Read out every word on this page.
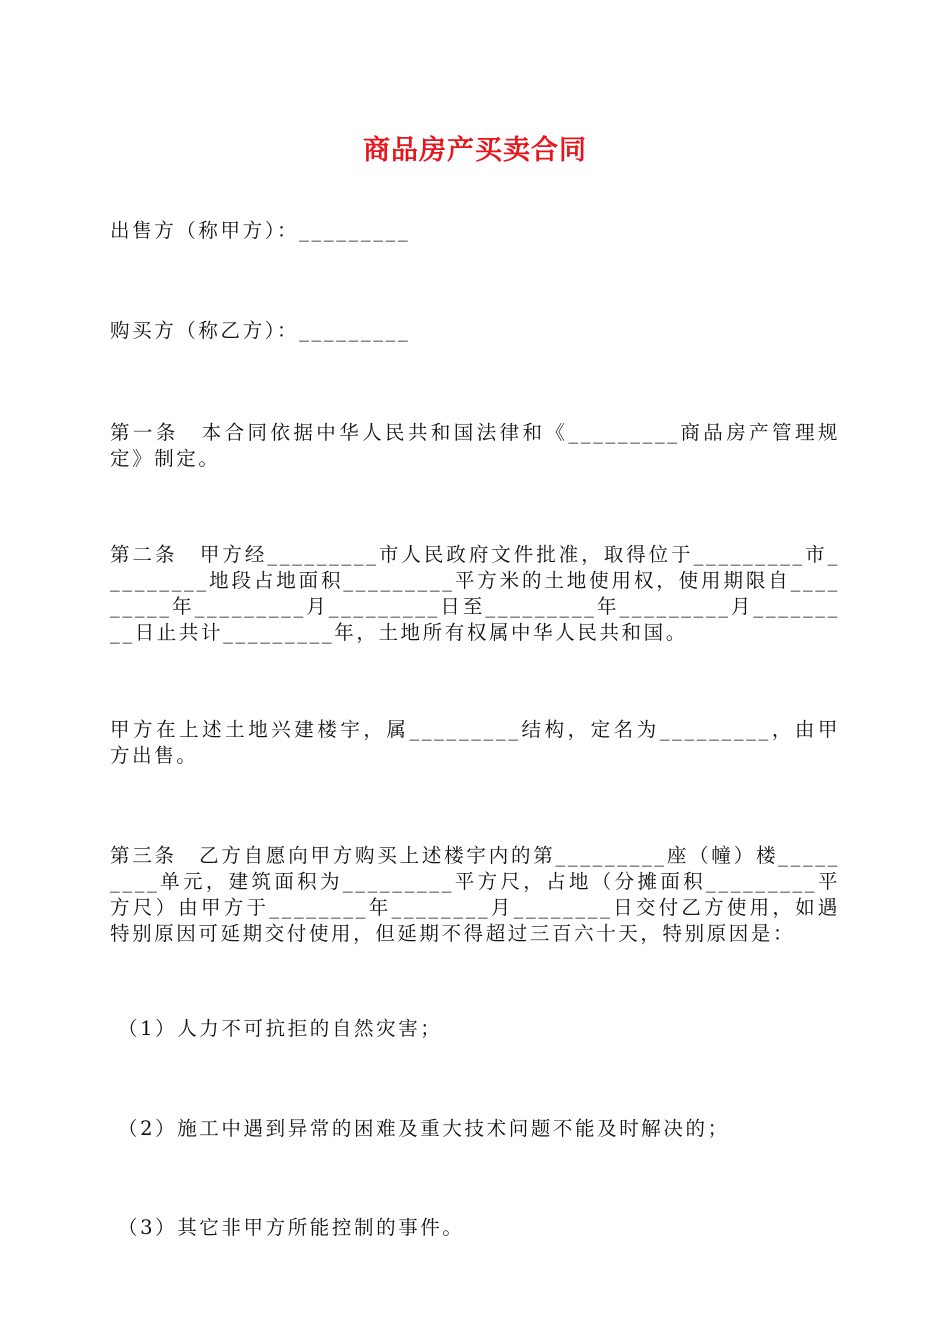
商品房产买卖合同

出售方（称甲方）：_________

购买方（称乙方）：_________

第一条　本合同依据中华人民共和国法律和《_________商品房产管理规定》制定。

第二条　甲方经_________市人民政府文件批准，取得位于_________市_________地段占地面积_________平方米的土地使用权，使用期限自_________年_________月_________日至_________年_________月_________日止共计_________年，土地所有权属中华人民共和国。

甲方在上述土地兴建楼宇，属_________结构，定名为_________，由甲方出售。

第三条　乙方自愿向甲方购买上述楼宇内的第_________座（幢）楼_________单元，建筑面积为_________平方尺，占地（分摊面积_________平方尺）由甲方于________年________月________日交付乙方使用，如遇特别原因可延期交付使用，但延期不得超过三百六十天，特别原因是：

（1）人力不可抗拒的自然灾害；

（2）施工中遇到异常的困难及重大技术问题不能及时解决的；

（3）其它非甲方所能控制的事件。
